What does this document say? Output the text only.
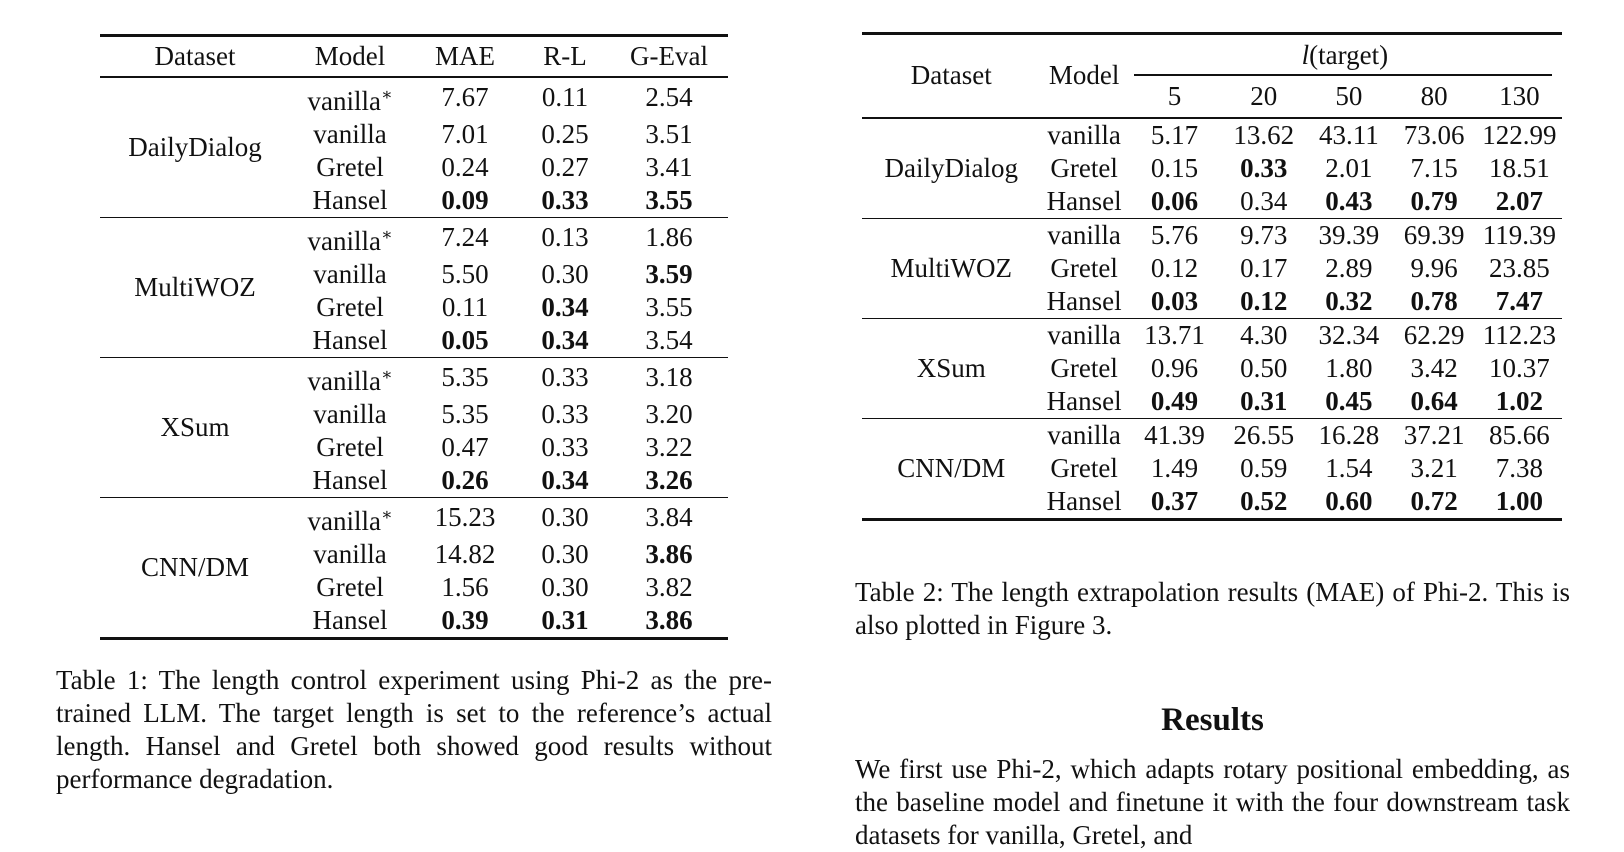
Dataset	Model	MAE	R-L	G-Eval
DailyDialog	vanilla∗	7.67	0.11	2.54
	vanilla	7.01	0.25	3.51
	Gretel	0.24	0.27	3.41
	Hansel	0.09	0.33	3.55
MultiWOZ	vanilla∗	7.24	0.13	1.86
	vanilla	5.50	0.30	3.59
	Gretel	0.11	0.34	3.55
	Hansel	0.05	0.34	3.54
XSum	vanilla∗	5.35	0.33	3.18
	vanilla	5.35	0.33	3.20
	Gretel	0.47	0.33	3.22
	Hansel	0.26	0.34	3.26
CNN/DM	vanilla∗	15.23	0.30	3.84
	vanilla	14.82	0.30	3.86
	Gretel	1.56	0.30	3.82
	Hansel	0.39	0.31	3.86
Table 1: The length control experiment using Phi-2 as the pre-trained LLM. The target length is set to the reference’s actual length. Hansel and Gretel both showed good results without performance degradation.
Dataset	Model	l(target)				

		5	20	50	80	130
DailyDialog	vanilla	5.17	13.62	43.11	73.06	122.99
	Gretel	0.15	0.33	2.01	7.15	18.51
	Hansel	0.06	0.34	0.43	0.79	2.07
MultiWOZ	vanilla	5.76	9.73	39.39	69.39	119.39
	Gretel	0.12	0.17	2.89	9.96	23.85
	Hansel	0.03	0.12	0.32	0.78	7.47
XSum	vanilla	13.71	4.30	32.34	62.29	112.23
	Gretel	0.96	0.50	1.80	3.42	10.37
	Hansel	0.49	0.31	0.45	0.64	1.02
CNN/DM	vanilla	41.39	26.55	16.28	37.21	85.66
	Gretel	1.49	0.59	1.54	3.21	7.38
	Hansel	0.37	0.52	0.60	0.72	1.00
Table 2: The length extrapolation results (MAE) of Phi-2. This is also plotted in Figure 3.
Results
We first use Phi-2, which adapts rotary positional embedding, as the baseline model and finetune it with the four downstream task datasets for vanilla, Gretel, and
